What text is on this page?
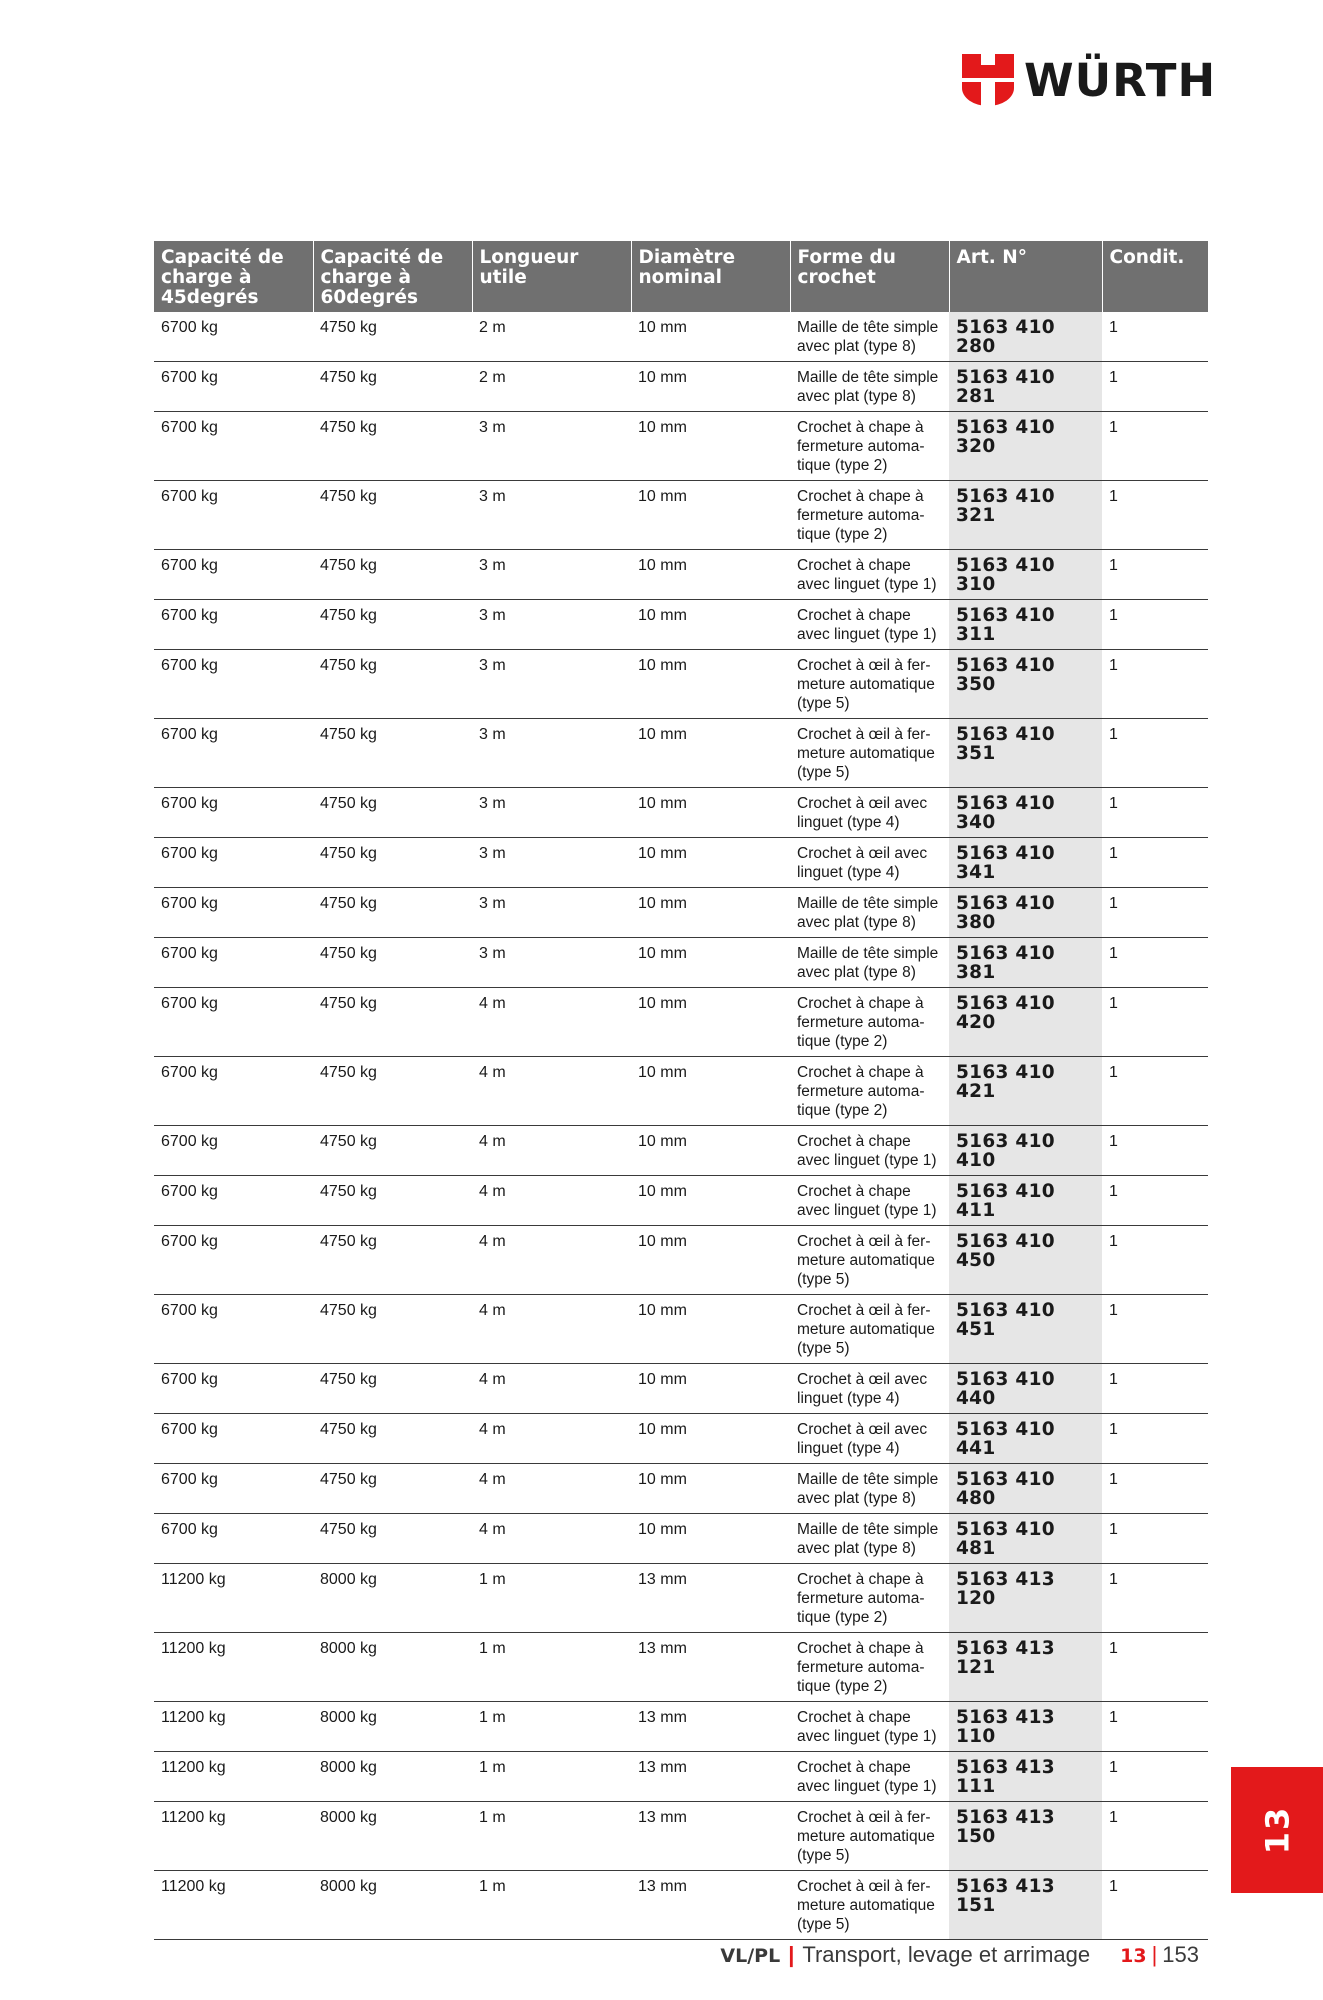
WÜRTH
Capacité de charge à 45degrés	Capacité de charge à 60degrés	Longueur utile	Diamètre nominal	Forme du crochet	Art. N°	Condit.
6700 kg	4750 kg	2 m	10 mm	Maille de tête simple avec plat (type 8)	5163 410 280	1
6700 kg	4750 kg	2 m	10 mm	Maille de tête simple avec plat (type 8)	5163 410 281	1
6700 kg	4750 kg	3 m	10 mm	Crochet à chape à fermeture automa-tique (type 2)	5163 410 320	1
6700 kg	4750 kg	3 m	10 mm	Crochet à chape à fermeture automa-tique (type 2)	5163 410 321	1
6700 kg	4750 kg	3 m	10 mm	Crochet à chape avec linguet (type 1)	5163 410 310	1
6700 kg	4750 kg	3 m	10 mm	Crochet à chape avec linguet (type 1)	5163 410 311	1
6700 kg	4750 kg	3 m	10 mm	Crochet à œil à fer-meture automatique (type 5)	5163 410 350	1
6700 kg	4750 kg	3 m	10 mm	Crochet à œil à fer-meture automatique (type 5)	5163 410 351	1
6700 kg	4750 kg	3 m	10 mm	Crochet à œil avec linguet (type 4)	5163 410 340	1
6700 kg	4750 kg	3 m	10 mm	Crochet à œil avec linguet (type 4)	5163 410 341	1
6700 kg	4750 kg	3 m	10 mm	Maille de tête simple avec plat (type 8)	5163 410 380	1
6700 kg	4750 kg	3 m	10 mm	Maille de tête simple avec plat (type 8)	5163 410 381	1
6700 kg	4750 kg	4 m	10 mm	Crochet à chape à fermeture automa-tique (type 2)	5163 410 420	1
6700 kg	4750 kg	4 m	10 mm	Crochet à chape à fermeture automa-tique (type 2)	5163 410 421	1
6700 kg	4750 kg	4 m	10 mm	Crochet à chape avec linguet (type 1)	5163 410 410	1
6700 kg	4750 kg	4 m	10 mm	Crochet à chape avec linguet (type 1)	5163 410 411	1
6700 kg	4750 kg	4 m	10 mm	Crochet à œil à fer-meture automatique (type 5)	5163 410 450	1
6700 kg	4750 kg	4 m	10 mm	Crochet à œil à fer-meture automatique (type 5)	5163 410 451	1
6700 kg	4750 kg	4 m	10 mm	Crochet à œil avec linguet (type 4)	5163 410 440	1
6700 kg	4750 kg	4 m	10 mm	Crochet à œil avec linguet (type 4)	5163 410 441	1
6700 kg	4750 kg	4 m	10 mm	Maille de tête simple avec plat (type 8)	5163 410 480	1
6700 kg	4750 kg	4 m	10 mm	Maille de tête simple avec plat (type 8)	5163 410 481	1
11200 kg	8000 kg	1 m	13 mm	Crochet à chape à fermeture automa-tique (type 2)	5163 413 120	1
11200 kg	8000 kg	1 m	13 mm	Crochet à chape à fermeture automa-tique (type 2)	5163 413 121	1
11200 kg	8000 kg	1 m	13 mm	Crochet à chape avec linguet (type 1)	5163 413 110	1
11200 kg	8000 kg	1 m	13 mm	Crochet à chape avec linguet (type 1)	5163 413 111	1
11200 kg	8000 kg	1 m	13 mm	Crochet à œil à fer-meture automatique (type 5)	5163 413 150	1
11200 kg	8000 kg	1 m	13 mm	Crochet à œil à fer-meture automatique (type 5)	5163 413 151	1
13
VL/PL | Transport, levage et arrimage 13 | 153
